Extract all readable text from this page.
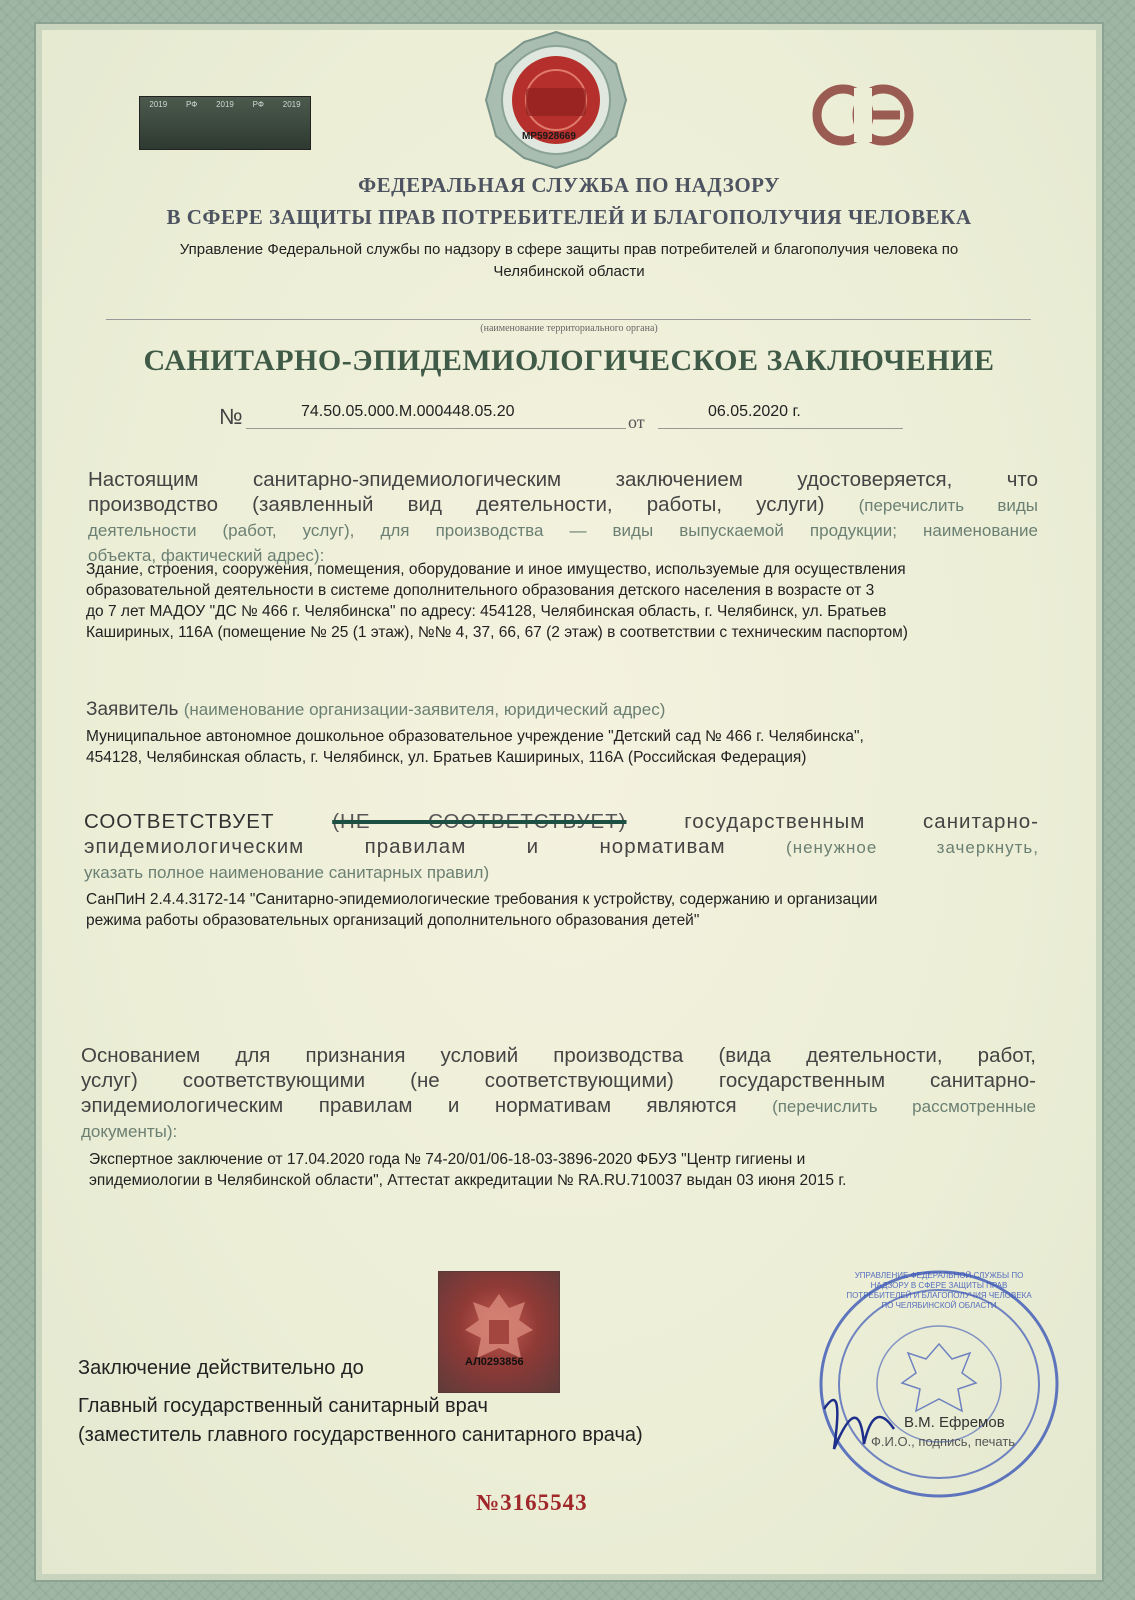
2019 РФ 2019 РФ 2019
МР5928669
ФЕДЕРАЛЬНАЯ СЛУЖБА ПО НАДЗОРУ
В СФЕРЕ ЗАЩИТЫ ПРАВ ПОТРЕБИТЕЛЕЙ И БЛАГОПОЛУЧИЯ ЧЕЛОВЕКА
Управление Федеральной службы по надзору в сфере защиты прав потребителей и благополучия человека по
Челябинской области
(наименование территориального органа)
САНИТАРНО-ЭПИДЕМИОЛОГИЧЕСКОЕ ЗАКЛЮЧЕНИЕ
№	74.50.05.000.М.000448.05.20
от
06.05.2020 г.
Настоящим санитарно-эпидемиологическим заключением удостоверяется, что
производство (заявленный вид деятельности, работы, услуги) (перечислить виды
деятельности (работ, услуг), для производства — виды выпускаемой продукции; наименование
объекта, фактический адрес):
Здание, строения, сооружения, помещения, оборудование и иное имущество, используемые для осуществления
образовательной деятельности в системе дополнительного образования детского населения в возрасте от 3
до 7 лет МАДОУ "ДС № 466 г. Челябинска" по адресу: 454128, Челябинская область, г. Челябинск, ул. Братьев
Кашириных, 116А (помещение № 25 (1 этаж), №№ 4, 37, 66, 67 (2 этаж) в соответствии с техническим паспортом)
Заявитель (наименование организации-заявителя, юридический адрес)
Муниципальное автономное дошкольное образовательное учреждение "Детский сад № 466 г. Челябинска",
454128, Челябинская область, г. Челябинск, ул. Братьев Кашириных, 116А (Российская Федерация)
СООТВЕТСТВУЕТ	(НЕ СООТВЕТСТВУЕТ)	государственным санитарно-
эпидемиологическим правилам и нормативам	(ненужное зачеркнуть,
указать полное наименование санитарных правил)
СанПиН 2.4.4.3172-14 "Санитарно-эпидемиологические требования к устройству, содержанию и организации
режима работы образовательных организаций дополнительного образования детей"
Основанием для признания условий производства (вида деятельности, работ,
услуг) соответствующими (не соответствующими) государственным санитарно-
эпидемиологическим правилам и нормативам являются (перечислить рассмотренные
документы):
Экспертное заключение от 17.04.2020 года № 74-20/01/06-18-03-3896-2020 ФБУЗ "Центр гигиены и
эпидемиологии в Челябинской области", Аттестат аккредитации № RA.RU.710037 выдан 03 июня 2015 г.
АЛ0293856
Заключение действительно до
Главный государственный санитарный врач
(заместитель главного государственного санитарного врача)
УПРАВЛЕНИЕ ФЕДЕРАЛЬНОЙ СЛУЖБЫ ПО НАДЗОРУ В СФЕРЕ ЗАЩИТЫ ПРАВ ПОТРЕБИТЕЛЕЙ И БЛАГОПОЛУЧИЯ ЧЕЛОВЕКА ПО ЧЕЛЯБИНСКОЙ ОБЛАСТИ
В.М. Ефремов
Ф.И.О., подпись, печать
№3165543
